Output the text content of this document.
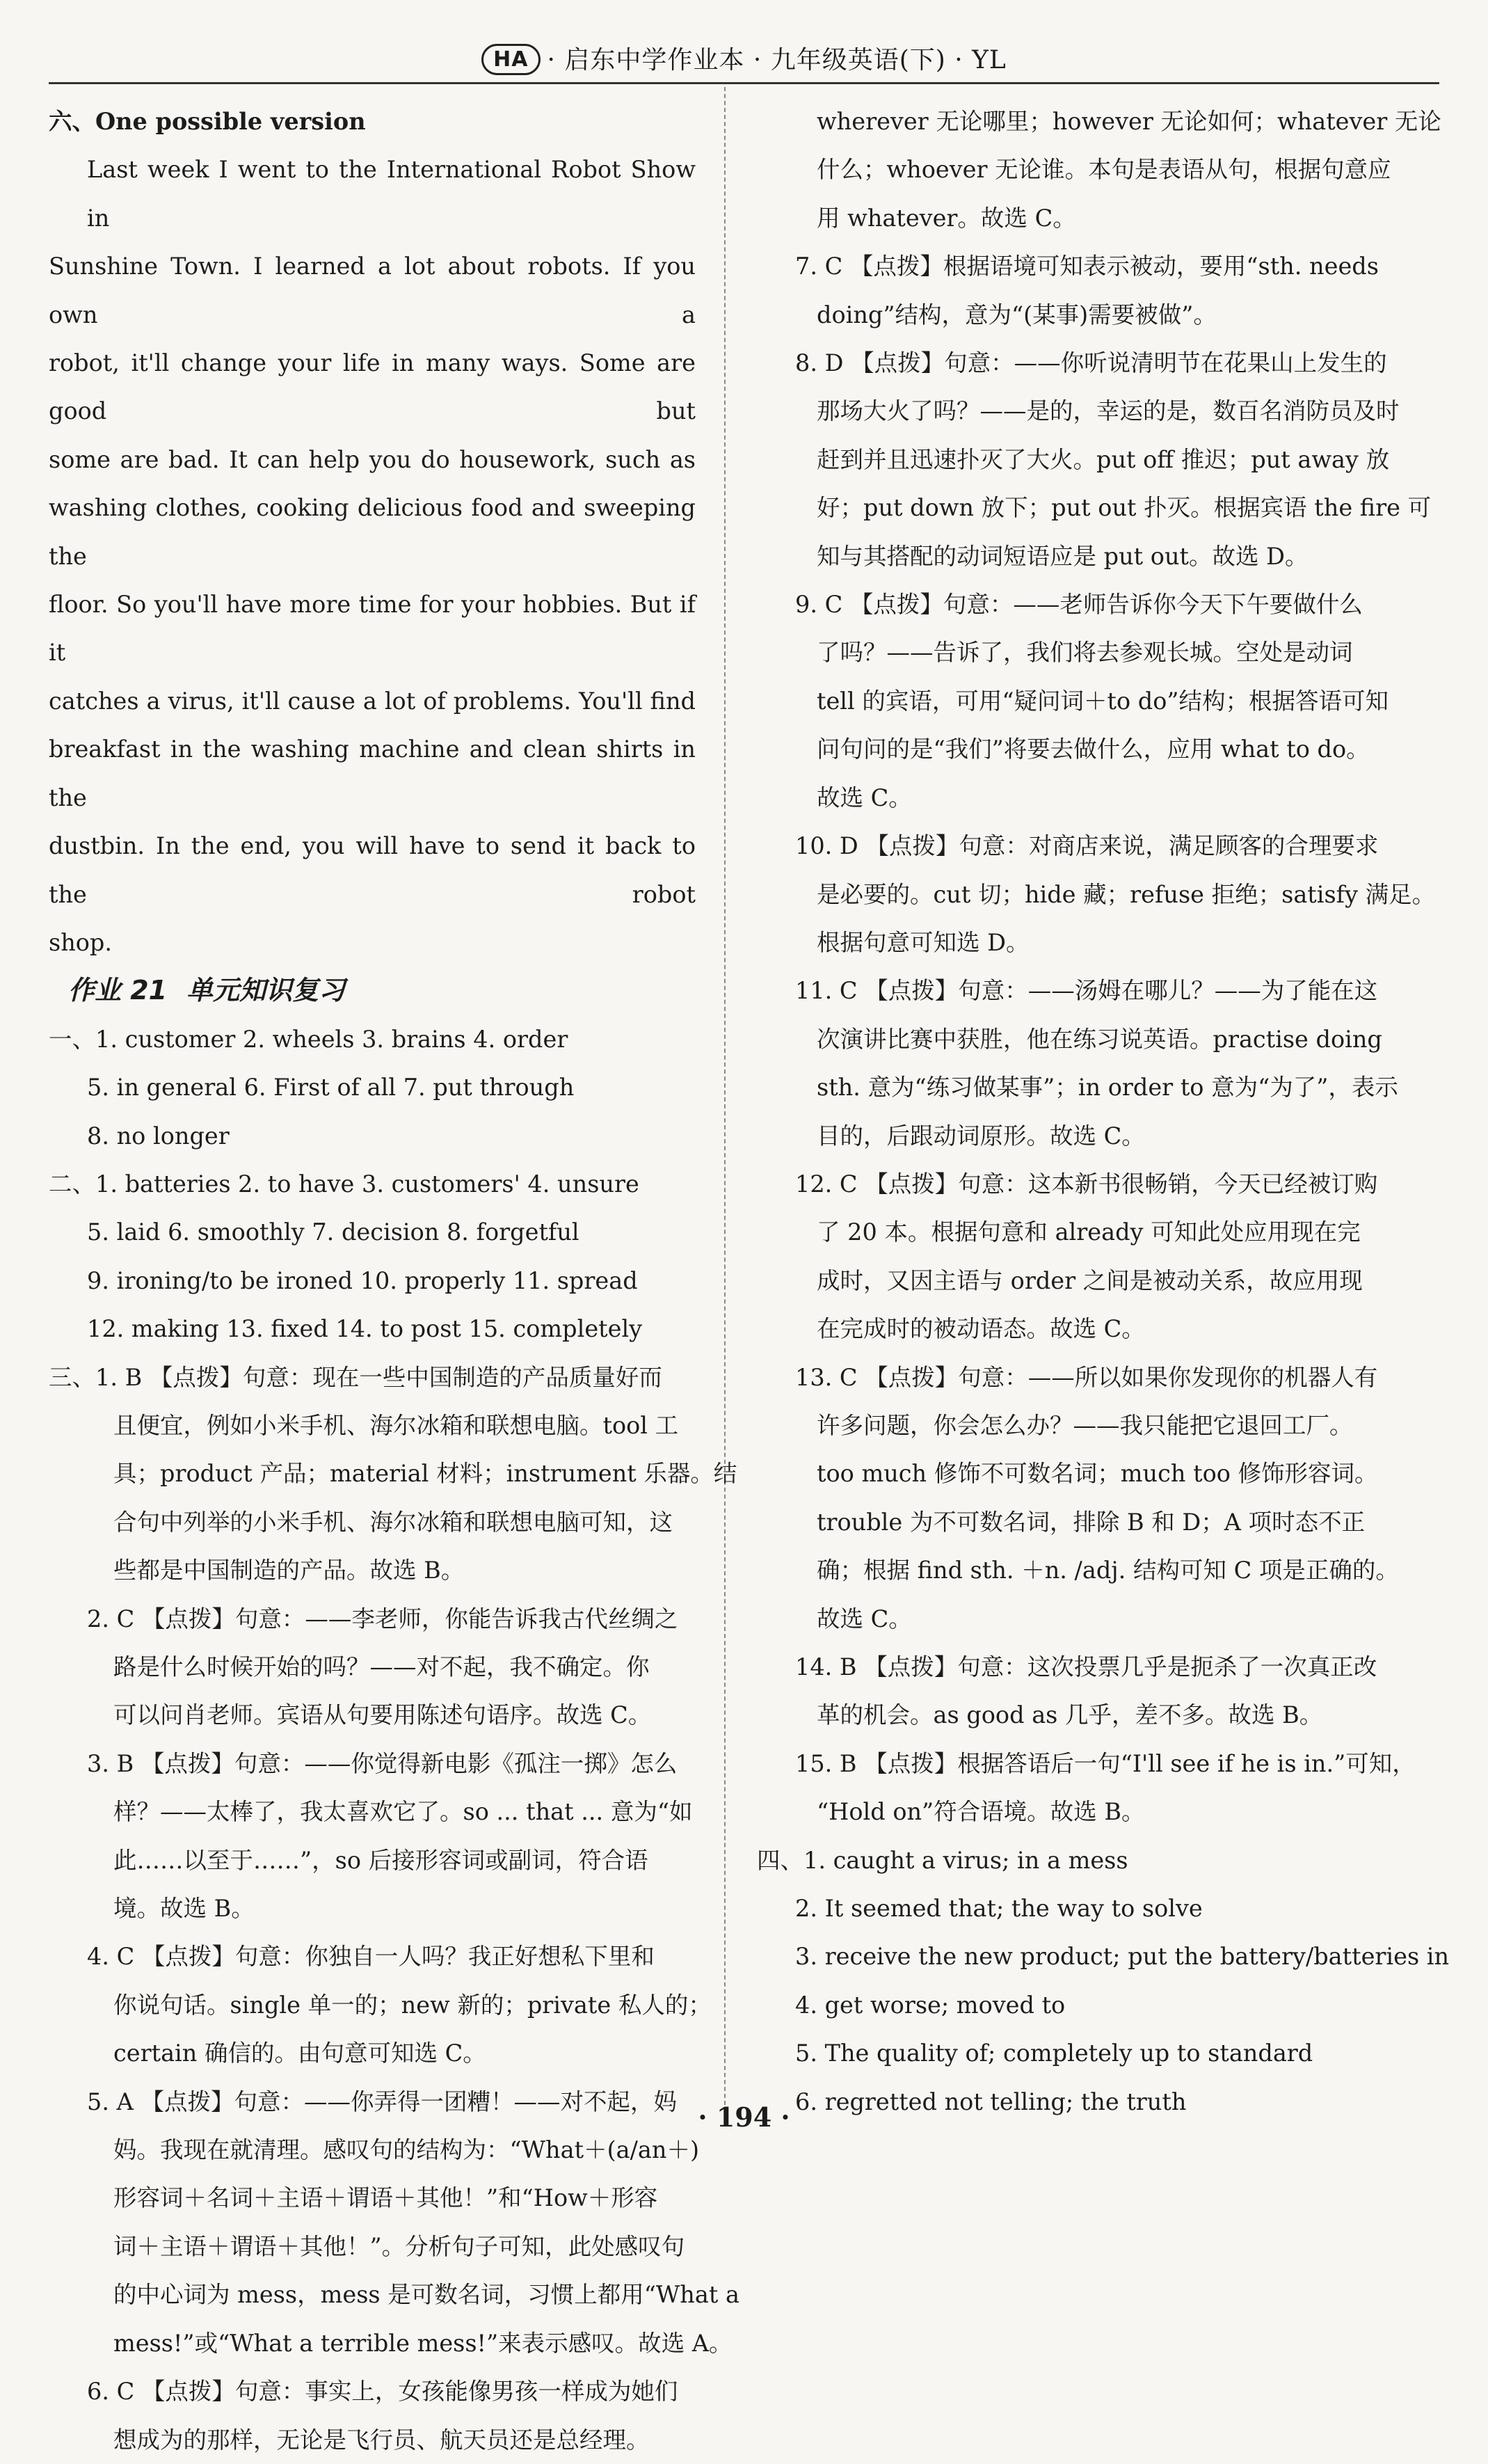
HA · 启东中学作业本 · 九年级英语(下) · YL
六、One possible version
Last week I went to the International Robot Show in
Sunshine Town. I learned a lot about robots. If you own a
robot, it'll change your life in many ways. Some are good but
some are bad. It can help you do housework, such as
washing clothes, cooking delicious food and sweeping the
floor. So you'll have more time for your hobbies. But if it
catches a virus, it'll cause a lot of problems. You'll find
breakfast in the washing machine and clean shirts in the
dustbin. In the end, you will have to send it back to the robot
shop.
作业 21 单元知识复习
一、1. customer 2. wheels 3. brains 4. order
5. in general 6. First of all 7. put through
8. no longer
二、1. batteries 2. to have 3. customers' 4. unsure
5. laid 6. smoothly 7. decision 8. forgetful
9. ironing/to be ironed 10. properly 11. spread
12. making 13. fixed 14. to post 15. completely
三、1. B 【点拨】句意：现在一些中国制造的产品质量好而
且便宜，例如小米手机、海尔冰箱和联想电脑。tool 工
具；product 产品；material 材料；instrument 乐器。结
合句中列举的小米手机、海尔冰箱和联想电脑可知，这
些都是中国制造的产品。故选 B。
2. C 【点拨】句意：——李老师，你能告诉我古代丝绸之
路是什么时候开始的吗？——对不起，我不确定。你
可以问肖老师。宾语从句要用陈述句语序。故选 C。
3. B 【点拨】句意：——你觉得新电影《孤注一掷》怎么
样？——太棒了，我太喜欢它了。so ... that ... 意为“如
此……以至于……”，so 后接形容词或副词，符合语
境。故选 B。
4. C 【点拨】句意：你独自一人吗？我正好想私下里和
你说句话。single 单一的；new 新的；private 私人的；
certain 确信的。由句意可知选 C。
5. A 【点拨】句意：——你弄得一团糟！——对不起，妈
妈。我现在就清理。感叹句的结构为：“What＋(a/an＋)
形容词＋名词＋主语＋谓语＋其他！”和“How＋形容
词＋主语＋谓语＋其他！”。分析句子可知，此处感叹句
的中心词为 mess，mess 是可数名词，习惯上都用“What a
mess!”或“What a terrible mess!”来表示感叹。故选 A。
6. C 【点拨】句意：事实上，女孩能像男孩一样成为她们
想成为的那样，无论是飞行员、航天员还是总经理。
wherever 无论哪里；however 无论如何；whatever 无论
什么；whoever 无论谁。本句是表语从句，根据句意应
用 whatever。故选 C。
7. C 【点拨】根据语境可知表示被动，要用“sth. needs
doing”结构，意为“(某事)需要被做”。
8. D 【点拨】句意：——你听说清明节在花果山上发生的
那场大火了吗？——是的，幸运的是，数百名消防员及时
赶到并且迅速扑灭了大火。put off 推迟；put away 放
好；put down 放下；put out 扑灭。根据宾语 the fire 可
知与其搭配的动词短语应是 put out。故选 D。
9. C 【点拨】句意：——老师告诉你今天下午要做什么
了吗？——告诉了，我们将去参观长城。空处是动词
tell 的宾语，可用“疑问词＋to do”结构；根据答语可知
问句问的是“我们”将要去做什么，应用 what to do。
故选 C。
10. D 【点拨】句意：对商店来说，满足顾客的合理要求
是必要的。cut 切；hide 藏；refuse 拒绝；satisfy 满足。
根据句意可知选 D。
11. C 【点拨】句意：——汤姆在哪儿？——为了能在这
次演讲比赛中获胜，他在练习说英语。practise doing
sth. 意为“练习做某事”；in order to 意为“为了”，表示
目的，后跟动词原形。故选 C。
12. C 【点拨】句意：这本新书很畅销，今天已经被订购
了 20 本。根据句意和 already 可知此处应用现在完
成时，又因主语与 order 之间是被动关系，故应用现
在完成时的被动语态。故选 C。
13. C 【点拨】句意：——所以如果你发现你的机器人有
许多问题，你会怎么办？——我只能把它退回工厂。
too much 修饰不可数名词；much too 修饰形容词。
trouble 为不可数名词，排除 B 和 D；A 项时态不正
确；根据 find sth. ＋n. /adj. 结构可知 C 项是正确的。
故选 C。
14. B 【点拨】句意：这次投票几乎是扼杀了一次真正改
革的机会。as good as 几乎，差不多。故选 B。
15. B 【点拨】根据答语后一句“I'll see if he is in.”可知，
“Hold on”符合语境。故选 B。
四、1. caught a virus; in a mess
2. It seemed that; the way to solve
3. receive the new product; put the battery/batteries in
4. get worse; moved to
5. The quality of; completely up to standard
6. regretted not telling; the truth
· 194 ·
